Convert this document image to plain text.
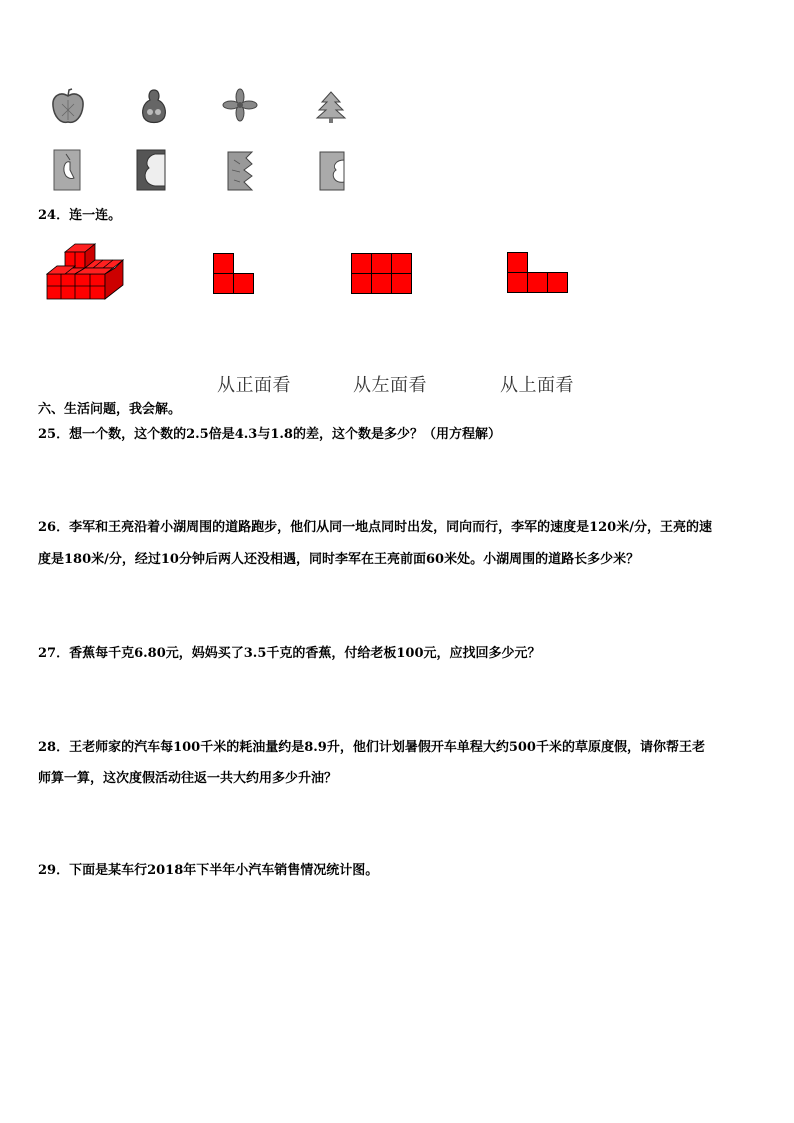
24．连一连。
从正面看	从左面看	从上面看
六、生活问题，我会解。
25．想一个数，这个数的2.5倍是4.3与1.8的差，这个数是多少？（用方程解）
26．李军和王亮沿着小湖周围的道路跑步，他们从同一地点同时出发，同向而行，李军的速度是120米/分，王亮的速
度是180米/分，经过10分钟后两人还没相遇，同时李军在王亮前面60米处。小湖周围的道路长多少米？
27．香蕉每千克6.80元，妈妈买了3.5千克的香蕉，付给老板100元，应找回多少元？
28．王老师家的汽车每100千米的耗油量约是8.9升，他们计划暑假开车单程大约500千米的草原度假，请你帮王老
师算一算，这次度假活动往返一共大约用多少升油？
29．下面是某车行2018年下半年小汽车销售情况统计图。
